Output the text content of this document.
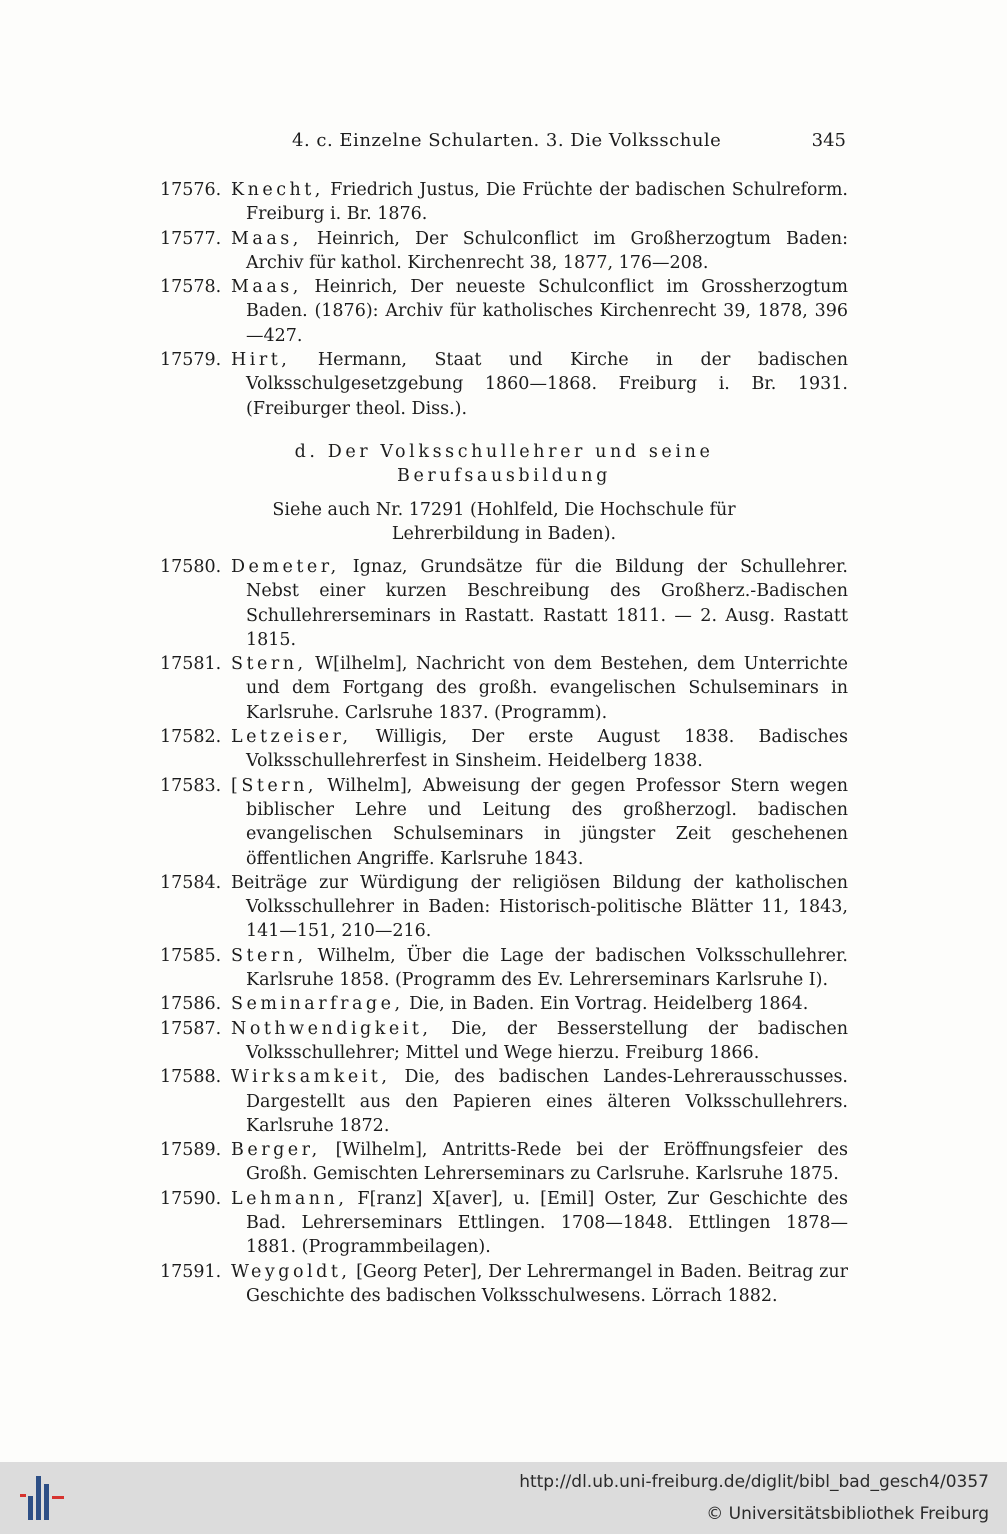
4. c. Einzelne Schularten. 3. Die Volksschule	345
17576. Knecht, Friedrich Justus, Die Früchte der badischen Schulreform. Freiburg i. Br. 1876.
17577. Maas, Heinrich, Der Schulconflict im Großherzogtum Baden: Archiv für kathol. Kirchenrecht 38, 1877, 176—208.
17578. Maas, Heinrich, Der neueste Schulconflict im Grossherzogtum Baden. (1876): Archiv für katholisches Kirchenrecht 39, 1878, 396—427.
17579. Hirt, Hermann, Staat und Kirche in der badischen Volksschulgesetzgebung 1860—1868. Freiburg i. Br. 1931. (Freiburger theol. Diss.).
d. Der Volksschullehrer und seine Berufsausbildung
Siehe auch Nr. 17291 (Hohlfeld, Die Hochschule für Lehrerbildung in Baden).
17580. Demeter, Ignaz, Grundsätze für die Bildung der Schullehrer. Nebst einer kurzen Beschreibung des Großherz.-Badischen Schullehrerseminars in Rastatt. Rastatt 1811. — 2. Ausg. Rastatt 1815.
17581. Stern, W[ilhelm], Nachricht von dem Bestehen, dem Unterrichte und dem Fortgang des großh. evangelischen Schulseminars in Karlsruhe. Carlsruhe 1837. (Programm).
17582. Letzeiser, Willigis, Der erste August 1838. Badisches Volksschullehrerfest in Sinsheim. Heidelberg 1838.
17583. [Stern, Wilhelm], Abweisung der gegen Professor Stern wegen biblischer Lehre und Leitung des großherzogl. badischen evangelischen Schulseminars in jüngster Zeit geschehenen öffentlichen Angriffe. Karlsruhe 1843.
17584. Beiträge zur Würdigung der religiösen Bildung der katholischen Volksschullehrer in Baden: Historisch-politische Blätter 11, 1843, 141—151, 210—216.
17585. Stern, Wilhelm, Über die Lage der badischen Volksschullehrer. Karlsruhe 1858. (Programm des Ev. Lehrerseminars Karlsruhe I).
17586. Seminarfrage, Die, in Baden. Ein Vortrag. Heidelberg 1864.
17587. Nothwendigkeit, Die, der Besserstellung der badischen Volksschullehrer; Mittel und Wege hierzu. Freiburg 1866.
17588. Wirksamkeit, Die, des badischen Landes-Lehrerausschusses. Dargestellt aus den Papieren eines älteren Volksschullehrers. Karlsruhe 1872.
17589. Berger, [Wilhelm], Antritts-Rede bei der Eröffnungsfeier des Großh. Gemischten Lehrerseminars zu Carlsruhe. Karlsruhe 1875.
17590. Lehmann, F[ranz] X[aver], u. [Emil] Oster, Zur Geschichte des Bad. Lehrerseminars Ettlingen. 1708—1848. Ettlingen 1878—1881. (Programmbeilagen).
17591. Weygoldt, [Georg Peter], Der Lehrermangel in Baden. Beitrag zur Geschichte des badischen Volksschulwesens. Lörrach 1882.
http://dl.ub.uni-freiburg.de/diglit/bibl_bad_gesch4/0357
© Universitätsbibliothek Freiburg
